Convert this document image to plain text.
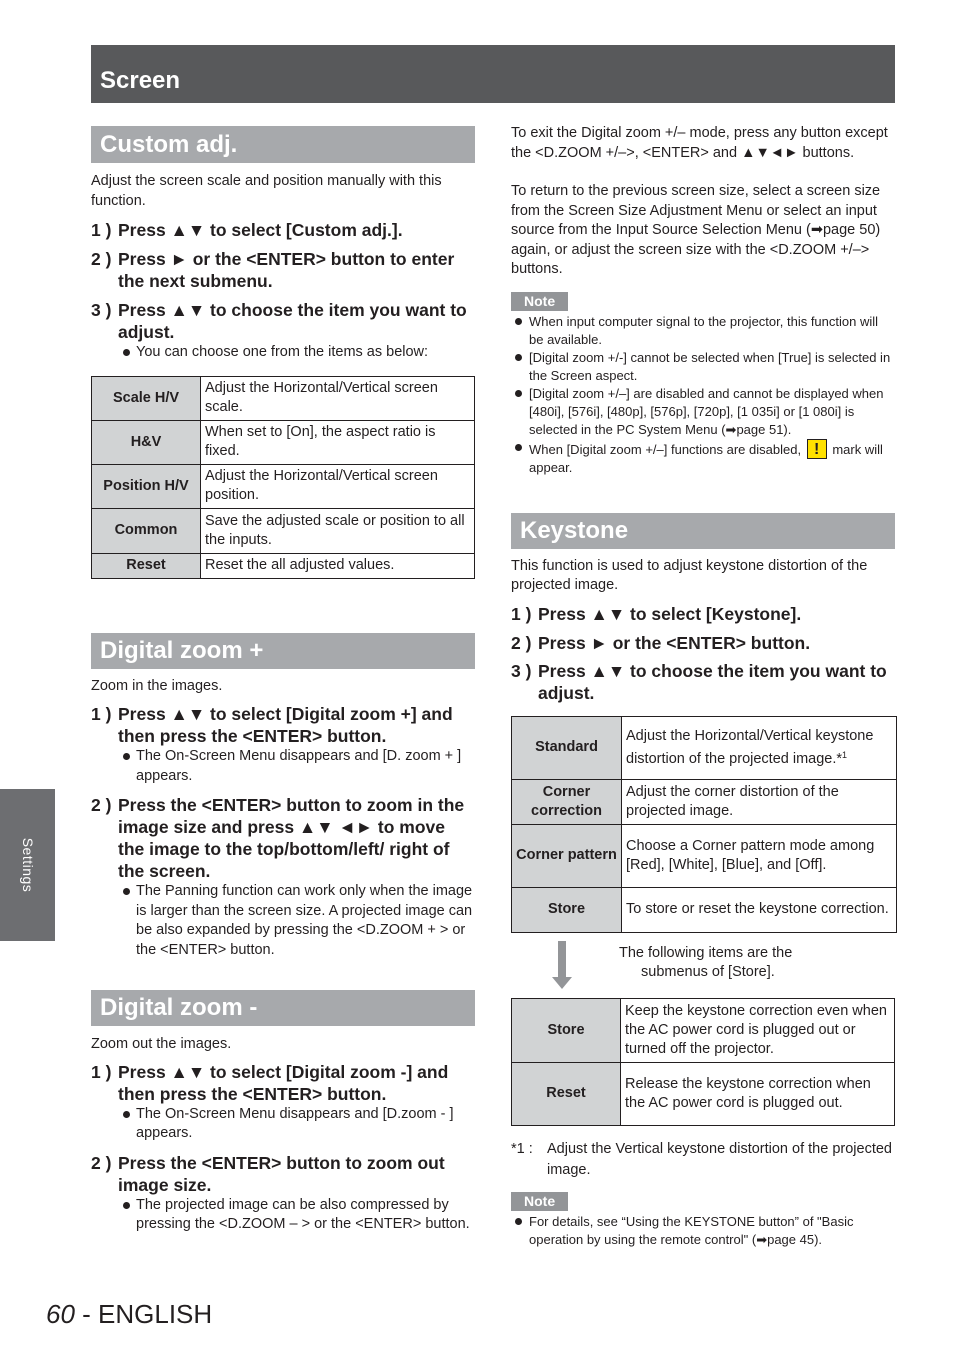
Screen
Settings
Custom adj.
Adjust the screen scale and position manually with this function.
1 ) Press ▲▼ to select [Custom adj.].
2 ) Press ► or the <ENTER> button to enter the next submenu.
3 ) Press ▲▼ to choose the item you want to adjust.
You can choose one from the items as below:
Scale H/V	Adjust the Horizontal/Vertical screen scale.
H&V	When set to [On], the aspect ratio is fixed.
Position H/V	Adjust the Horizontal/Vertical screen position.
Common	Save the adjusted scale or position to all the inputs.
Reset	Reset the all adjusted values.
Digital zoom +
Zoom in the images.
1 ) Press ▲▼ to select [Digital zoom +] and then press the <ENTER> button.
The On-Screen Menu disappears and [D. zoom + ] appears.
2 ) Press the <ENTER> button to zoom in the image size and press ▲▼ ◄► to move the image to the top/bottom/left/ right of the screen.
The Panning function can work only when the image is larger than the screen size. A projected image can be also expanded by pressing the <D.ZOOM + > or the <ENTER> button.
Digital zoom -
Zoom out the images.
1 ) Press ▲▼ to select [Digital zoom -] and then press the <ENTER> button.
The On-Screen Menu disappears and [D.zoom - ] appears.
2 ) Press the <ENTER> button to zoom out image size.
The projected image can be also compressed by pressing the <D.ZOOM – > or the <ENTER> button.
To exit the Digital zoom +/– mode, press any button except the <D.ZOOM +/–>, <ENTER> and ▲▼◄► buttons.
To return to the previous screen size, select a screen size from the Screen Size Adjustment Menu or select an input source from the Input Source Selection Menu (➡page 50) again, or adjust the screen size with the <D.ZOOM +/–> buttons.
Note
When input computer signal to the projector, this function will be available.
[Digital zoom +/-] cannot be selected when [True] is selected in the Screen aspect.
[Digital zoom +/–] are disabled and cannot be displayed when [480i], [576i], [480p], [576p], [720p], [1 035i] or [1 080i] is selected in the PC System Menu (➡page 51).
When [Digital zoom +/–] functions are disabled, ! mark will appear.
Keystone
This function is used to adjust keystone distortion of the projected image.
1 ) Press ▲▼ to select [Keystone].
2 ) Press ► or the <ENTER> button.
3 ) Press ▲▼ to choose the item you want to adjust.
Standard	Adjust the Horizontal/Vertical keystone distortion of the projected image.*$^1$
Corner correction	Adjust the corner distortion of the projected image.
Corner pattern	Choose a Corner pattern mode among [Red], [White], [Blue], and [Off].
Store	To store or reset the keystone correction.
The following items are the
submenus of [Store].
Store	Keep the keystone correction even when the AC power cord is plugged out or turned off the projector.
Reset	Release the keystone correction when the AC power cord is plugged out.
*1 : Adjust the Vertical keystone distortion of the projected image.
Note
For details, see “Using the KEYSTONE button” of "Basic operation by using the remote control" (➡page 45).
60 - ENGLISH
